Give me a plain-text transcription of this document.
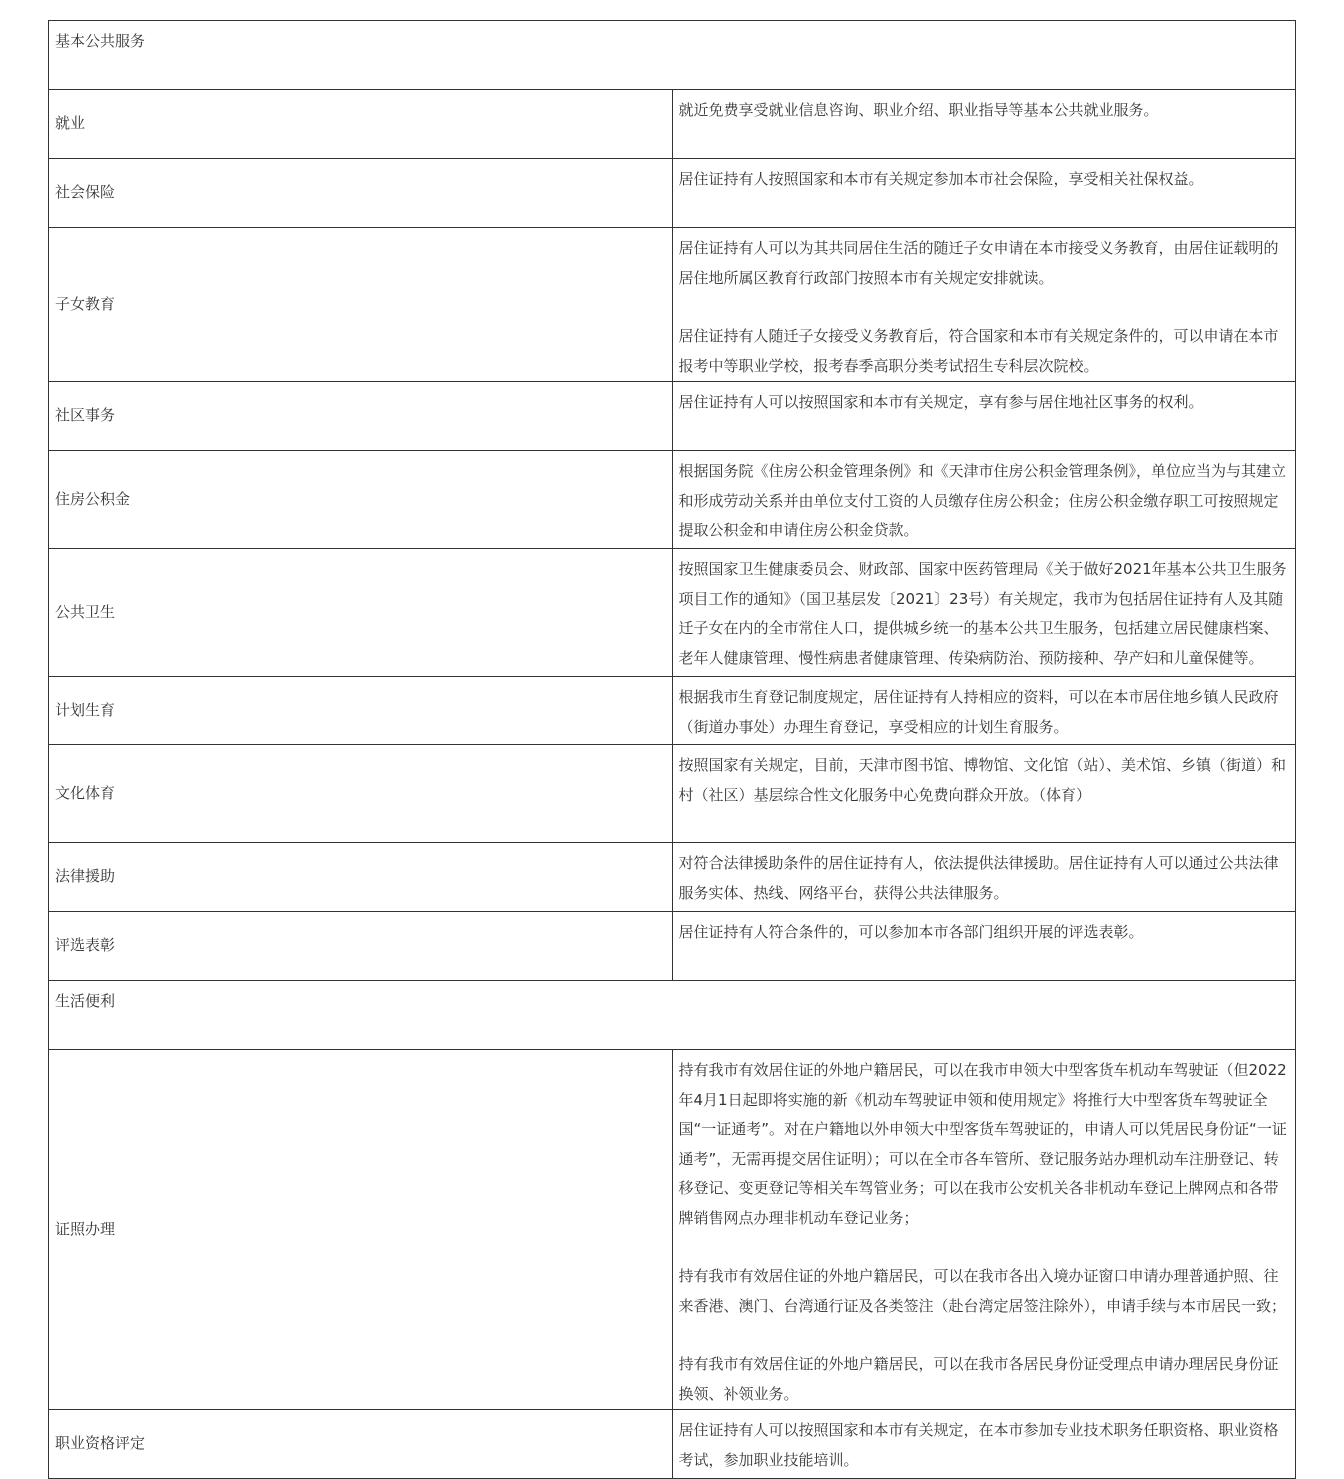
基本公共服务	
就业	就近免费享受就业信息咨询、职业介绍、职业指导等基本公共就业服务。

社会保险	居住证持有人按照国家和本市有关规定参加本市社会保险，享受相关社保权益。

子女教育	居住证持有人可以为其共同居住生活的随迁子女申请在本市接受义务教育，由居住证载明的居住地所属区教育行政部门按照本市有关规定安排就读。

居住证持有人随迁子女接受义务教育后，符合国家和本市有关规定条件的，可以申请在本市报考中等职业学校，报考春季高职分类考试招生专科层次院校。

社区事务	居住证持有人可以按照国家和本市有关规定，享有参与居住地社区事务的权利。

住房公积金	根据国务院《住房公积金管理条例》和《天津市住房公积金管理条例》，单位应当为与其建立和形成劳动关系并由单位支付工资的人员缴存住房公积金；住房公积金缴存职工可按照规定提取公积金和申请住房公积金贷款。

公共卫生	按照国家卫生健康委员会、财政部、国家中医药管理局《关于做好2021年基本公共卫生服务项目工作的通知》（国卫基层发〔2021〕23号）有关规定，我市为包括居住证持有人及其随迁子女在内的全市常住人口，提供城乡统一的基本公共卫生服务，包括建立居民健康档案、老年人健康管理、慢性病患者健康管理、传染病防治、预防接种、孕产妇和儿童保健等。

计划生育	根据我市生育登记制度规定，居住证持有人持相应的资料，可以在本市居住地乡镇人民政府（街道办事处）办理生育登记，享受相应的计划生育服务。

文化体育	按照国家有关规定，目前，天津市图书馆、博物馆、文化馆（站）、美术馆、乡镇（街道）和村（社区）基层综合性文化服务中心免费向群众开放。（体育）

法律援助	对符合法律援助条件的居住证持有人，依法提供法律援助。居住证持有人可以通过公共法律服务实体、热线、网络平台，获得公共法律服务。

评选表彰	居住证持有人符合条件的，可以参加本市各部门组织开展的评选表彰。

生活便利	
证照办理	持有我市有效居住证的外地户籍居民，可以在我市申领大中型客货车机动车驾驶证（但2022年4月1日起即将实施的新《机动车驾驶证申领和使用规定》将推行大中型客货车驾驶证全国“一证通考”。对在户籍地以外申领大中型客货车驾驶证的，申请人可以凭居民身份证“一证通考”，无需再提交居住证明）；可以在全市各车管所、登记服务站办理机动车注册登记、转移登记、变更登记等相关车驾管业务；可以在我市公安机关各非机动车登记上牌网点和各带牌销售网点办理非机动车登记业务；

持有我市有效居住证的外地户籍居民，可以在我市各出入境办证窗口申请办理普通护照、往来香港、澳门、台湾通行证及各类签注（赴台湾定居签注除外），申请手续与本市居民一致；

持有我市有效居住证的外地户籍居民，可以在我市各居民身份证受理点申请办理居民身份证换领、补领业务。

职业资格评定	居住证持有人可以按照国家和本市有关规定，在本市参加专业技术职务任职资格、职业资格考试，参加职业技能培训。
